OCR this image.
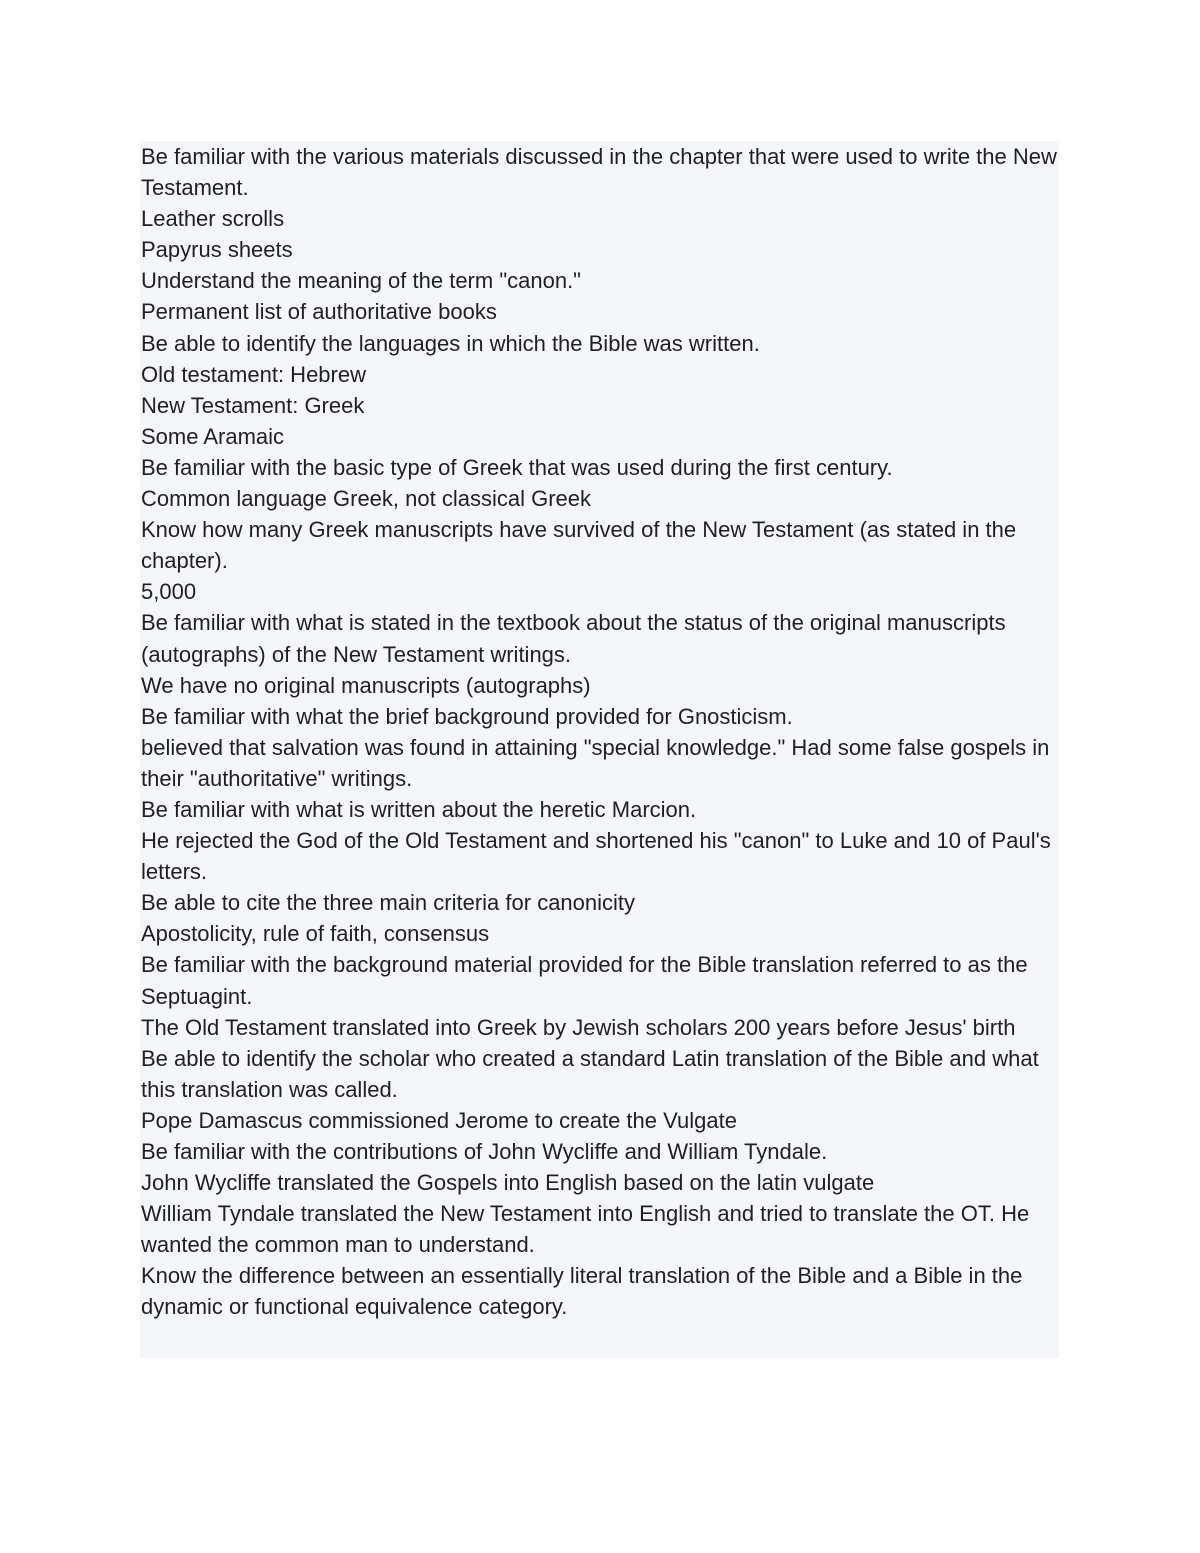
Be familiar with the various materials discussed in the chapter that were used to write the New Testament.
Leather scrolls
Papyrus sheets
Understand the meaning of the term "canon."
Permanent list of authoritative books
Be able to identify the languages in which the Bible was written.
Old testament: Hebrew
New Testament: Greek
Some Aramaic
Be familiar with the basic type of Greek that was used during the first century.
Common language Greek, not classical Greek
Know how many Greek manuscripts have survived of the New Testament (as stated in the chapter).
5,000
Be familiar with what is stated in the textbook about the status of the original manuscripts (autographs) of the New Testament writings.
We have no original manuscripts (autographs)
Be familiar with what the brief background provided for Gnosticism.
believed that salvation was found in attaining "special knowledge." Had some false gospels in their "authoritative" writings.
Be familiar with what is written about the heretic Marcion.
He rejected the God of the Old Testament and shortened his "canon" to Luke and 10 of Paul's letters.
Be able to cite the three main criteria for canonicity
Apostolicity, rule of faith, consensus
Be familiar with the background material provided for the Bible translation referred to as the Septuagint.
The Old Testament translated into Greek by Jewish scholars 200 years before Jesus' birth
Be able to identify the scholar who created a standard Latin translation of the Bible and what this translation was called.
Pope Damascus commissioned Jerome to create the Vulgate
Be familiar with the contributions of John Wycliffe and William Tyndale.
John Wycliffe translated the Gospels into English based on the latin vulgate
William Tyndale translated the New Testament into English and tried to translate the OT. He wanted the common man to understand.
Know the difference between an essentially literal translation of the Bible and a Bible in the dynamic or functional equivalence category.
